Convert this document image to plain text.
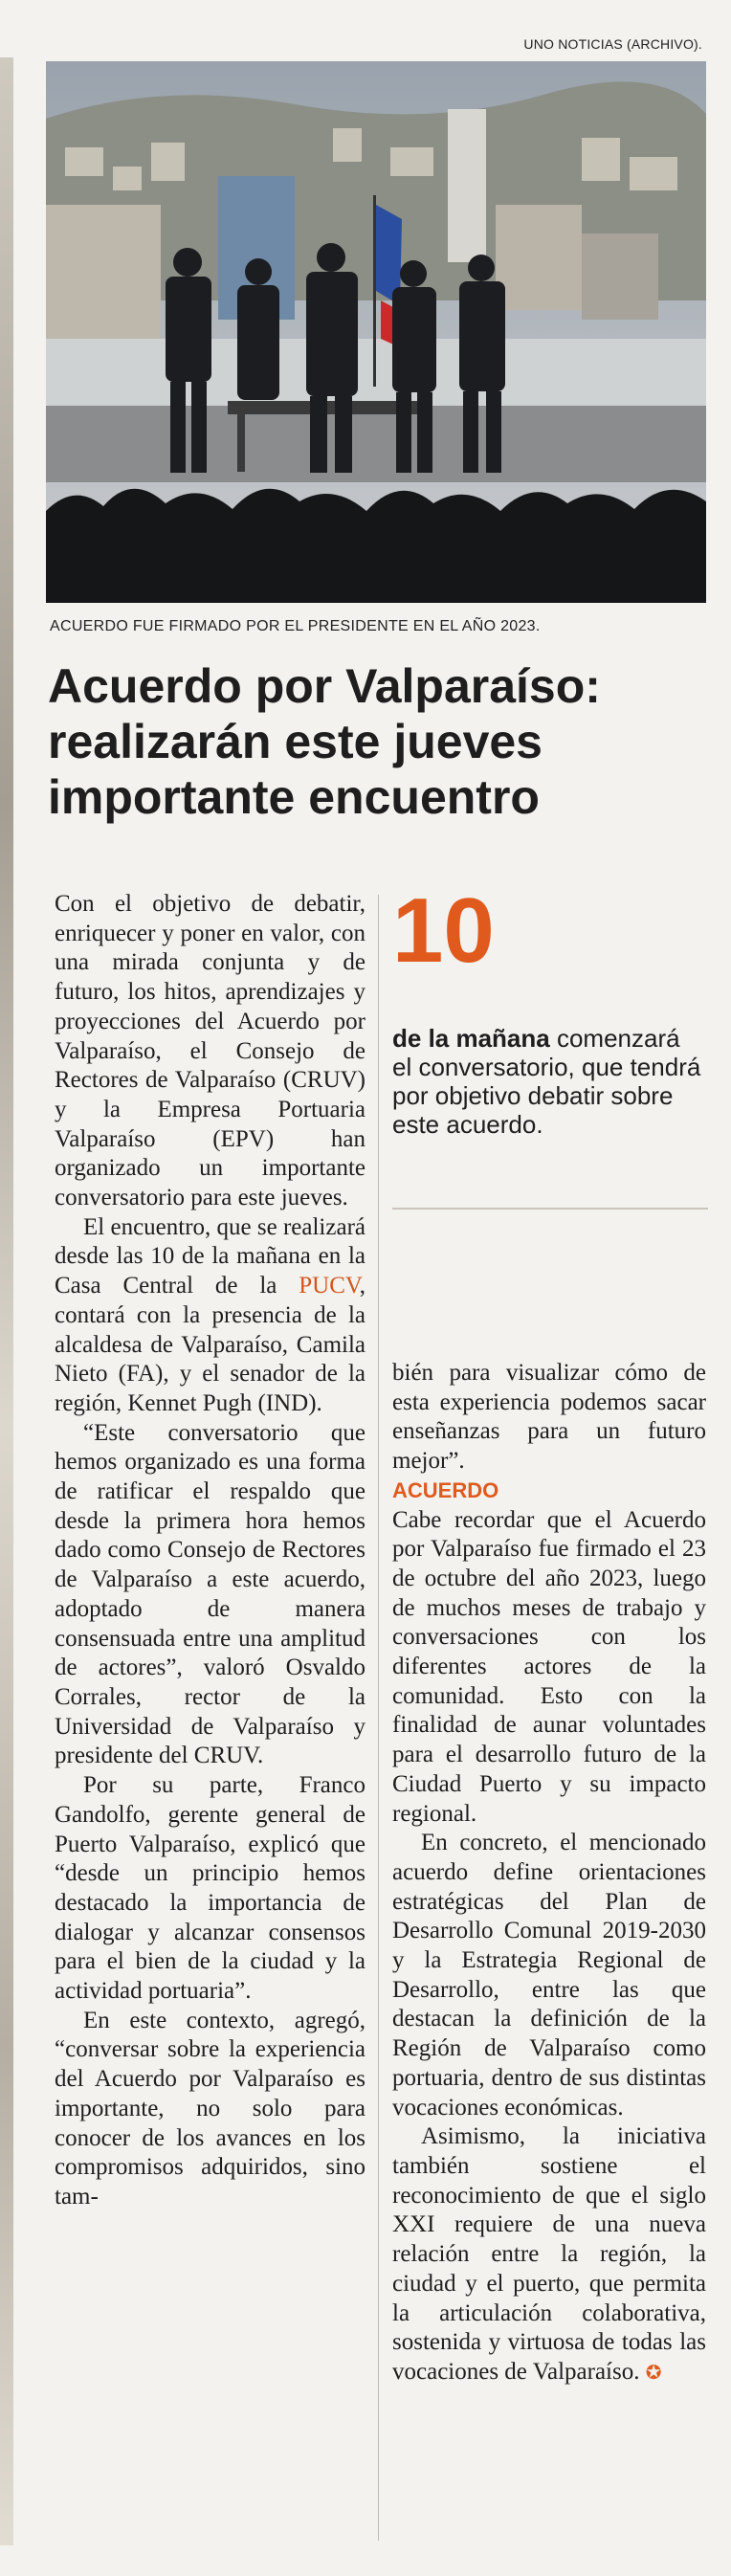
UNO NOTICIAS (ARCHIVO).
ACUERDO FUE FIRMADO POR EL PRESIDENTE EN EL AÑO 2023.
Acuerdo por Valparaíso:
realizarán este jueves
importante encuentro

Con el objetivo de debatir, enriquecer y poner en valor, con una mirada conjunta y de futuro, los hitos, aprendizajes y proyecciones del Acuerdo por Valparaíso, el Consejo de Rectores de Valparaíso (CRUV) y la Empresa Portuaria Valparaíso (EPV) han organizado un importante conversatorio para este jueves.

El encuentro, que se realizará desde las 10 de la mañana en la Casa Central de la PUCV, contará con la presencia de la alcaldesa de Valparaíso, Camila Nieto (FA), y el senador de la región, Kennet Pugh (IND).

“Este conversatorio que hemos organizado es una forma de ratificar el respaldo que desde la primera hora hemos dado como Consejo de Rectores de Valparaíso a este acuerdo, adoptado de manera consensuada entre una amplitud de actores”, valoró Osvaldo Corrales, rector de la Universidad de Valparaíso y presidente del CRUV.

Por su parte, Franco Gandolfo, gerente general de Puerto Valparaíso, explicó que “desde un principio hemos destacado la importancia de dialogar y alcanzar consensos para el bien de la ciudad y la actividad portuaria”.

En este contexto, agregó, “conversar sobre la experiencia del Acuerdo por Valparaíso es importante, no solo para conocer de los avances en los compromisos adquiridos, sino tam-

10
de la mañana comenzará el conversatorio, que tendrá por objetivo debatir sobre este acuerdo.

bién para visualizar cómo de esta experiencia podemos sacar enseñanzas para un futuro mejor”.

ACUERDO

Cabe recordar que el Acuerdo por Valparaíso fue firmado el 23 de octubre del año 2023, luego de muchos meses de trabajo y conversaciones con los diferentes actores de la comunidad. Esto con la finalidad de aunar voluntades para el desarrollo futuro de la Ciudad Puerto y su impacto regional.

En concreto, el mencionado acuerdo define orientaciones estratégicas del Plan de Desarrollo Comunal 2019-2030 y la Estrategia Regional de Desarrollo, entre las que destacan la definición de la Región de Valparaíso como portuaria, dentro de sus distintas vocaciones económicas.

Asimismo, la iniciativa también sostiene el reconocimiento de que el siglo XXI requiere de una nueva relación entre la región, la ciudad y el puerto, que permita la articulación colaborativa, sostenida y virtuosa de todas las vocaciones de Valparaíso. ✪
